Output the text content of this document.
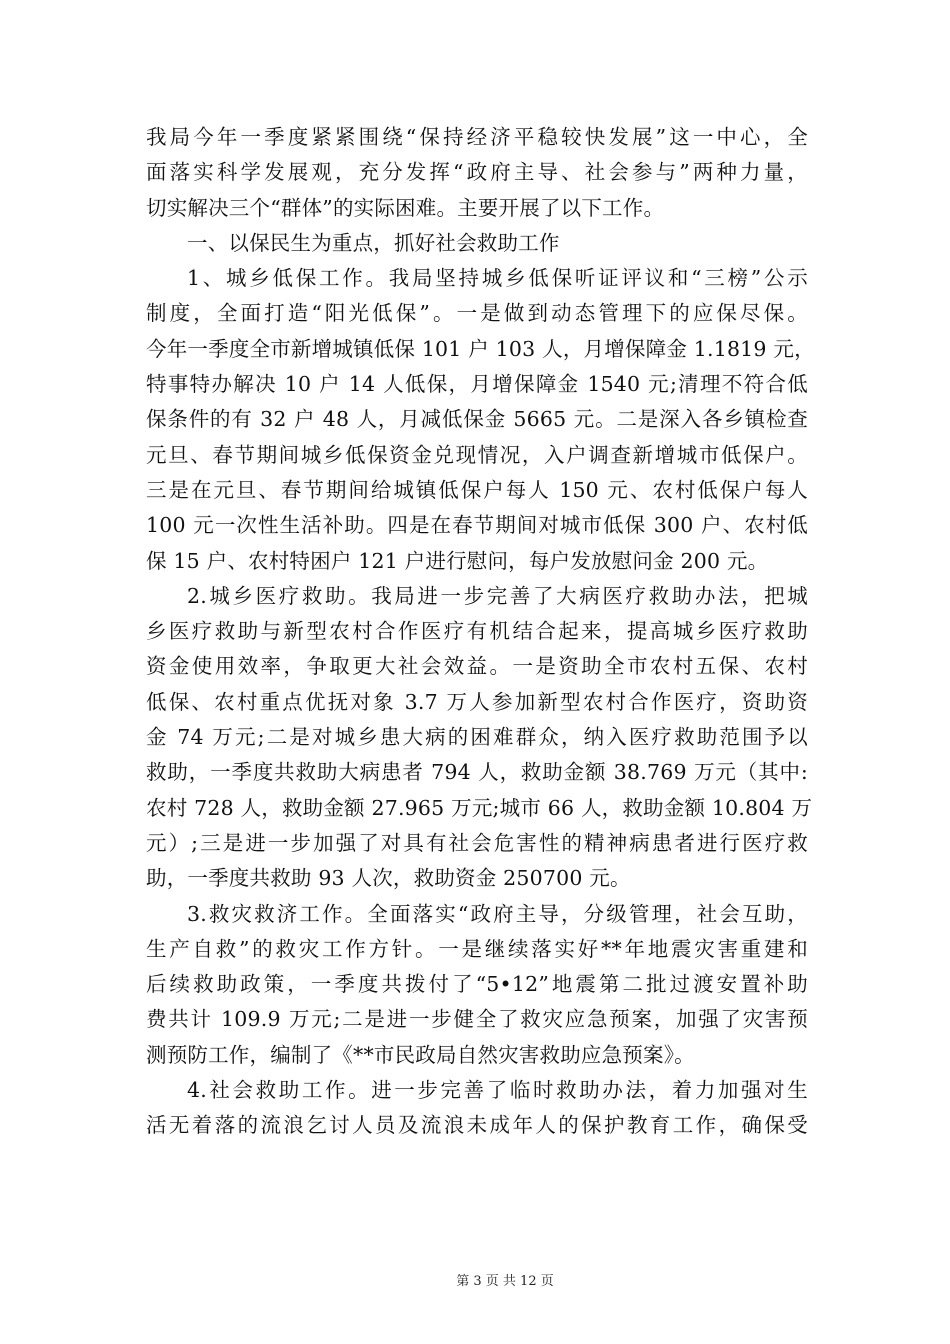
我局今年一季度紧紧围绕“保持经济平稳较快发展”这一中心，全
面落实科学发展观，充分发挥“政府主导、社会参与”两种力量，
切实解决三个“群体”的实际困难。主要开展了以下工作。
一、以保民生为重点，抓好社会救助工作
1、城乡低保工作。我局坚持城乡低保听证评议和“三榜”公示
制度，全面打造“阳光低保”。一是做到动态管理下的应保尽保。
今年一季度全市新增城镇低保 101 户 103 人，月增保障金 1.1819 元，
特事特办解决 10 户 14 人低保，月增保障金 1540 元;清理不符合低
保条件的有 32 户 48 人，月减低保金 5665 元。二是深入各乡镇检查
元旦、春节期间城乡低保资金兑现情况，入户调查新增城市低保户。
三是在元旦、春节期间给城镇低保户每人 150 元、农村低保户每人
100 元一次性生活补助。四是在春节期间对城市低保 300 户、农村低
保 15 户、农村特困户 121 户进行慰问，每户发放慰问金 200 元。
2.城乡医疗救助。我局进一步完善了大病医疗救助办法，把城
乡医疗救助与新型农村合作医疗有机结合起来，提高城乡医疗救助
资金使用效率，争取更大社会效益。一是资助全市农村五保、农村
低保、农村重点优抚对象 3.7 万人参加新型农村合作医疗，资助资
金 74 万元;二是对城乡患大病的困难群众，纳入医疗救助范围予以
救助，一季度共救助大病患者 794 人，救助金额 38.769 万元（其中:
农村 728 人，救助金额 27.965 万元;城市 66 人，救助金额 10.804 万
元）;三是进一步加强了对具有社会危害性的精神病患者进行医疗救
助，一季度共救助 93 人次，救助资金 250700 元。
3.救灾救济工作。全面落实“政府主导，分级管理，社会互助，
生产自救”的救灾工作方针。一是继续落实好**年地震灾害重建和
后续救助政策，一季度共拨付了“5•12”地震第二批过渡安置补助
费共计 109.9 万元;二是进一步健全了救灾应急预案，加强了灾害预
测预防工作，编制了《**市民政局自然灾害救助应急预案》。
4.社会救助工作。进一步完善了临时救助办法，着力加强对生
活无着落的流浪乞讨人员及流浪未成年人的保护教育工作，确保受
第 3 页 共 12 页
